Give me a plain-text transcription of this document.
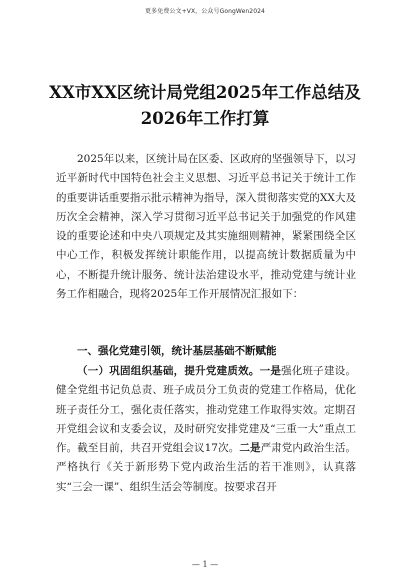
更多免费公文+VX，公众号GongWen2024
XX市XX区统计局党组2025年工作总结及2026年工作打算
2025年以来，区统计局在区委、区政府的坚强领导下，以习近平新时代中国特色社会主义思想、习近平总书记关于统计工作的重要讲话重要指示批示精神为指导，深入贯彻落实党的XX大及历次全会精神，深入学习贯彻习近平总书记关于加强党的作风建设的重要论述和中央八项规定及其实施细则精神，紧紧围绕全区中心工作，积极发挥统计职能作用，以提高统计数据质量为中心，不断提升统计服务、统计法治建设水平，推动党建与统计业务工作相融合，现将2025年工作开展情况汇报如下：
一、强化党建引领，统计基层基础不断赋能
（一）巩固组织基础，提升党建质效。一是强化班子建设。健全党组书记负总责、班子成员分工负责的党建工作格局，优化班子责任分工，强化责任落实，推动党建工作取得实效。定期召开党组会议和支委会议，及时研究安排党建及“三重一大”重点工作。截至目前，共召开党组会议17次。二是严肃党内政治生活。严格执行《关于新形势下党内政治生活的若干准则》，认真落实“三会一课”、组织生活会等制度。按要求召开
— 1 —
